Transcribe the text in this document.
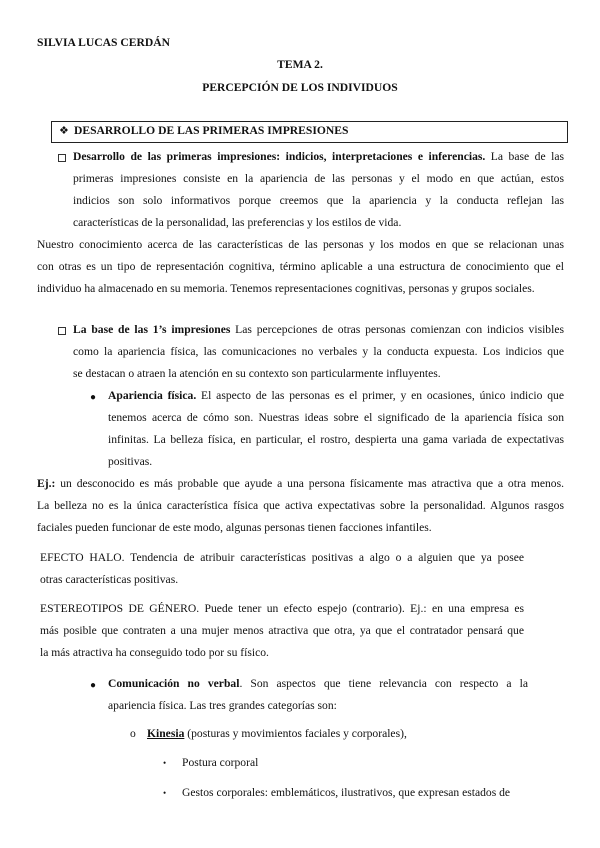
SILVIA LUCAS CERDÁN
TEMA 2.
PERCEPCIÓN DE LOS INDIVIDUOS
❖ DESARROLLO DE LAS PRIMERAS IMPRESIONES
Desarrollo de las primeras impresiones: indicios, interpretaciones e inferencias. La base de las
primeras impresiones consiste en la apariencia de las personas y el modo en que actúan, estos
indicios son solo informativos porque creemos que la apariencia y la conducta reflejan las
características de la personalidad, las preferencias y los estilos de vida.
Nuestro conocimiento acerca de las características de las personas y los modos en que se relacionan unas
con otras es un tipo de representación cognitiva, término aplicable a una estructura de conocimiento que el
individuo ha almacenado en su memoria. Tenemos representaciones cognitivas, personas y grupos sociales.
La base de las 1’s impresiones Las percepciones de otras personas comienzan con indicios visibles
como la apariencia física, las comunicaciones no verbales y la conducta expuesta. Los indicios que
se destacan o atraen la atención en su contexto son particularmente influyentes.
● Apariencia física. El aspecto de las personas es el primer, y en ocasiones, único indicio que
tenemos acerca de cómo son. Nuestras ideas sobre el significado de la apariencia física son
infinitas. La belleza física, en particular, el rostro, despierta una gama variada de expectativas
positivas.
Ej.: un desconocido es más probable que ayude a una persona físicamente mas atractiva que a otra menos.
La belleza no es la única característica física que activa expectativas sobre la personalidad. Algunos rasgos
faciales pueden funcionar de este modo, algunas personas tienen facciones infantiles.
EFECTO HALO. Tendencia de atribuir características positivas a algo o a alguien que ya posee
otras características positivas.
ESTEREOTIPOS DE GÉNERO. Puede tener un efecto espejo (contrario). Ej.: en una empresa es
más posible que contraten a una mujer menos atractiva que otra, ya que el contratador pensará que
la más atractiva ha conseguido todo por su físico.
● Comunicación no verbal. Son aspectos que tiene relevancia con respecto a la
apariencia física. Las tres grandes categorías son:
o Kinesia (posturas y movimientos faciales y corporales),
• Postura corporal
• Gestos corporales: emblemáticos, ilustrativos, que expresan estados de
